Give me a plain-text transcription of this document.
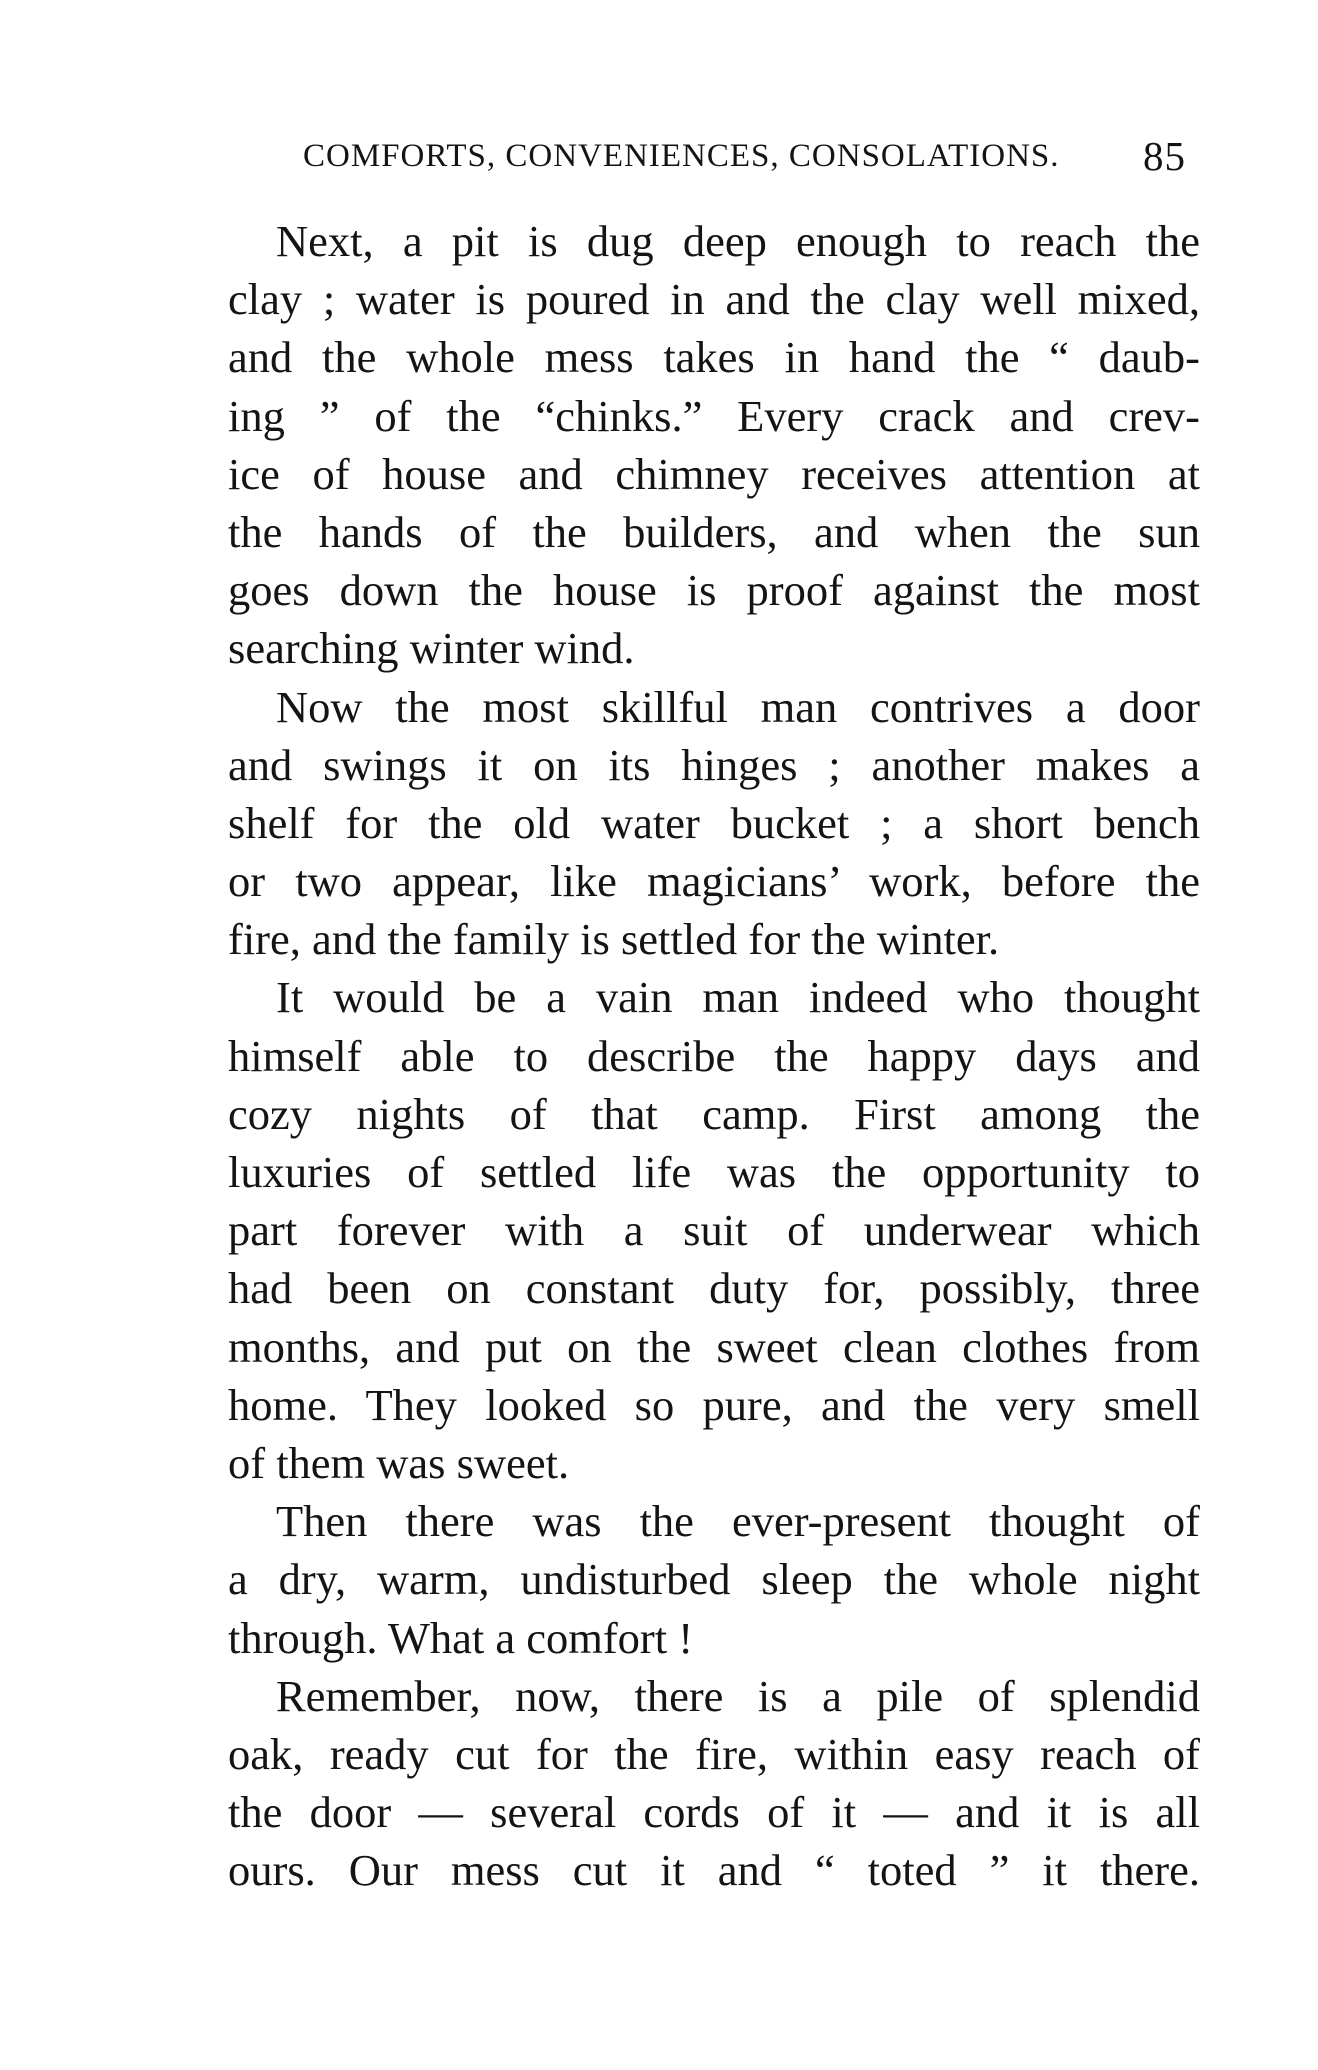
COMFORTS, CONVENIENCES, CONSOLATIONS. 85
Next, a pit is dug deep enough to reach the
clay ; water is poured in and the clay well mixed,
and the whole mess takes in hand the “ daub-
ing ” of the “chinks.” Every crack and crev-
ice of house and chimney receives attention at
the hands of the builders, and when the sun
goes down the house is proof against the most
searching winter wind.
Now the most skillful man contrives a door
and swings it on its hinges ; another makes a
shelf for the old water bucket ; a short bench
or two appear, like magicians’ work, before the
fire, and the family is settled for the winter.
It would be a vain man indeed who thought
himself able to describe the happy days and
cozy nights of that camp. First among the
luxuries of settled life was the opportunity to
part forever with a suit of underwear which
had been on constant duty for, possibly, three
months, and put on the sweet clean clothes from
home. They looked so pure, and the very smell
of them was sweet.
Then there was the ever-present thought of
a dry, warm, undisturbed sleep the whole night
through. What a comfort !
Remember, now, there is a pile of splendid
oak, ready cut for the fire, within easy reach of
the door — several cords of it — and it is all
ours. Our mess cut it and “ toted ” it there.
